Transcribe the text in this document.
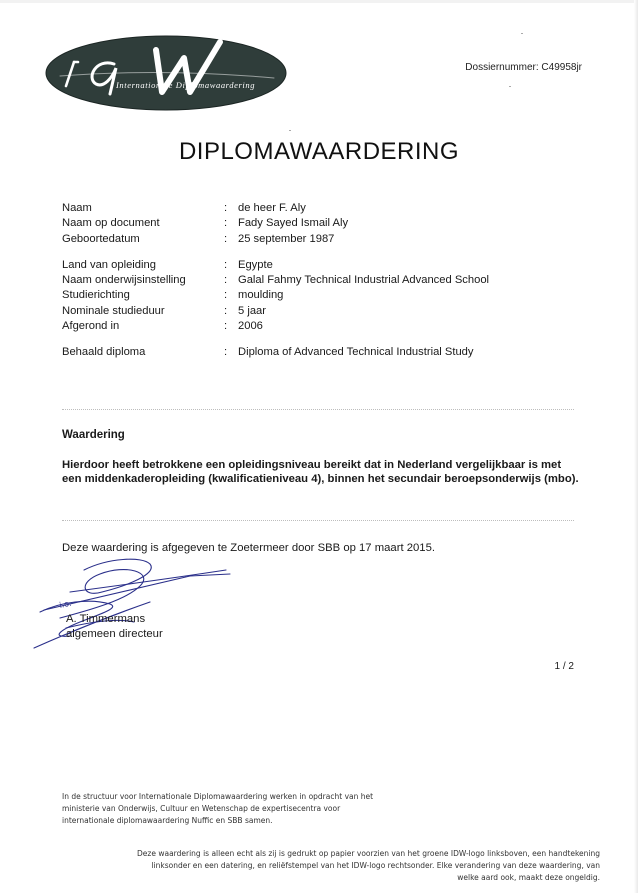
Internationale Diplomawaardering
Dossiernummer: C49958jr
DIPLOMAWAARDERING
Naam	: de heer F. Aly
Naam op document	: Fady Sayed Ismail Aly
Geboortedatum	: 25 september 1987
Land van opleiding	: Egypte
Naam onderwijsinstelling	: Galal Fahmy Technical Industrial Advanced School
Studierichting	: moulding
Nominale studieduur	: 5 jaar
Afgerond in	: 2006
Behaald diploma	: Diploma of Advanced Technical Industrial Study
Waardering
Hierdoor heeft betrokkene een opleidingsniveau bereikt dat in Nederland vergelijkbaar is met een middenkaderopleiding (kwalificatieniveau 4), binnen het secundair beroepsonderwijs (mbo).
Deze waardering is afgegeven te Zoetermeer door SBB op 17 maart 2015.
i.o.
A. Timmermans
algemeen directeur
1 / 2
In de structuur voor Internationale Diplomawaardering werken in opdracht van het ministerie van Onderwijs, Cultuur en Wetenschap de expertisecentra voor internationale diplomawaardering Nuffic en SBB samen.
Deze waardering is alleen echt als zij is gedrukt op papier voorzien van het groene IDW-logo linksboven, een handtekening linksonder en een datering, en reliëfstempel van het IDW-logo rechtsonder. Elke verandering van deze waardering, van welke aard ook, maakt deze ongeldig.
